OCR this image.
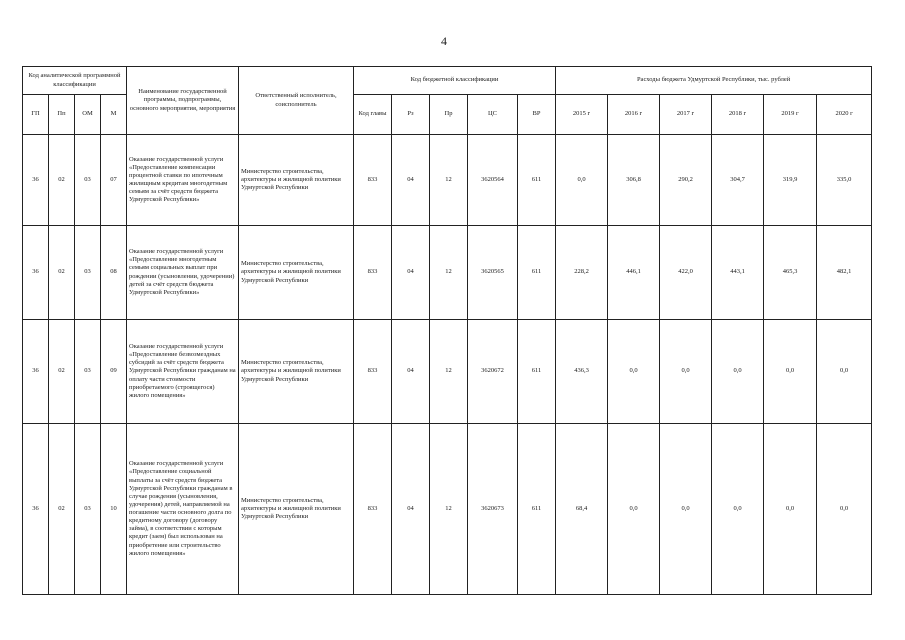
4
Код аналитической программной классификации				Наименование государственной программы, подпрограммы, основного мероприятия, мероприятия	Ответственный исполнитель, соисполнитель	Код бюджетной классификации					Расходы бюджета Удмуртской Республики, тыс. рублей					
ГП	Пп	ОМ	М			Код главы	Рз	Пр	ЦС	ВР	2015 г	2016 г	2017 г	2018 г	2019 г	2020 г
36	02	03	07	Оказание государственной услуги «Предоставление компенсации процентной ставки по ипотечным жилищным кредитам многодетным семьям за счёт средств бюджета Удмуртской Республики»	Министерство строительства, архитектуры и жилищной политики Удмуртской Республики	833	04	12	3620564	611	0,0	306,8	290,2	304,7	319,9	335,0
36	02	03	08	Оказание государственной услуги «Предоставление многодетным семьям социальных выплат при рождении (усыновлении, удочерении) детей за счёт средств бюджета Удмуртской Республики»	Министерство строительства, архитектуры и жилищной политики Удмуртской Республики	833	04	12	3620565	611	228,2	446,1	422,0	443,1	465,3	482,1
36	02	03	09	Оказание государственной услуги «Предоставление безвозмездных субсидий за счёт средств бюджета Удмуртской Республики гражданам на оплату части стоимости приобретаемого (строящегося) жилого помещения»	Министерство строительства, архитектуры и жилищной политики Удмуртской Республики	833	04	12	3620672	611	436,3	0,0	0,0	0,0	0,0	0,0
36	02	03	10	Оказание государственной услуги «Предоставление социальной выплаты за счёт средств бюджета Удмуртской Республики гражданам в случае рождения (усыновления, удочерения) детей, направляемой на погашение части основного долга по кредитному договору (договору займа), в соответствии с которым кредит (заем) был использован на приобретение или строительство жилого помещения»	Министерство строительства, архитектуры и жилищной политики Удмуртской Республики	833	04	12	3620673	611	68,4	0,0	0,0	0,0	0,0	0,0
